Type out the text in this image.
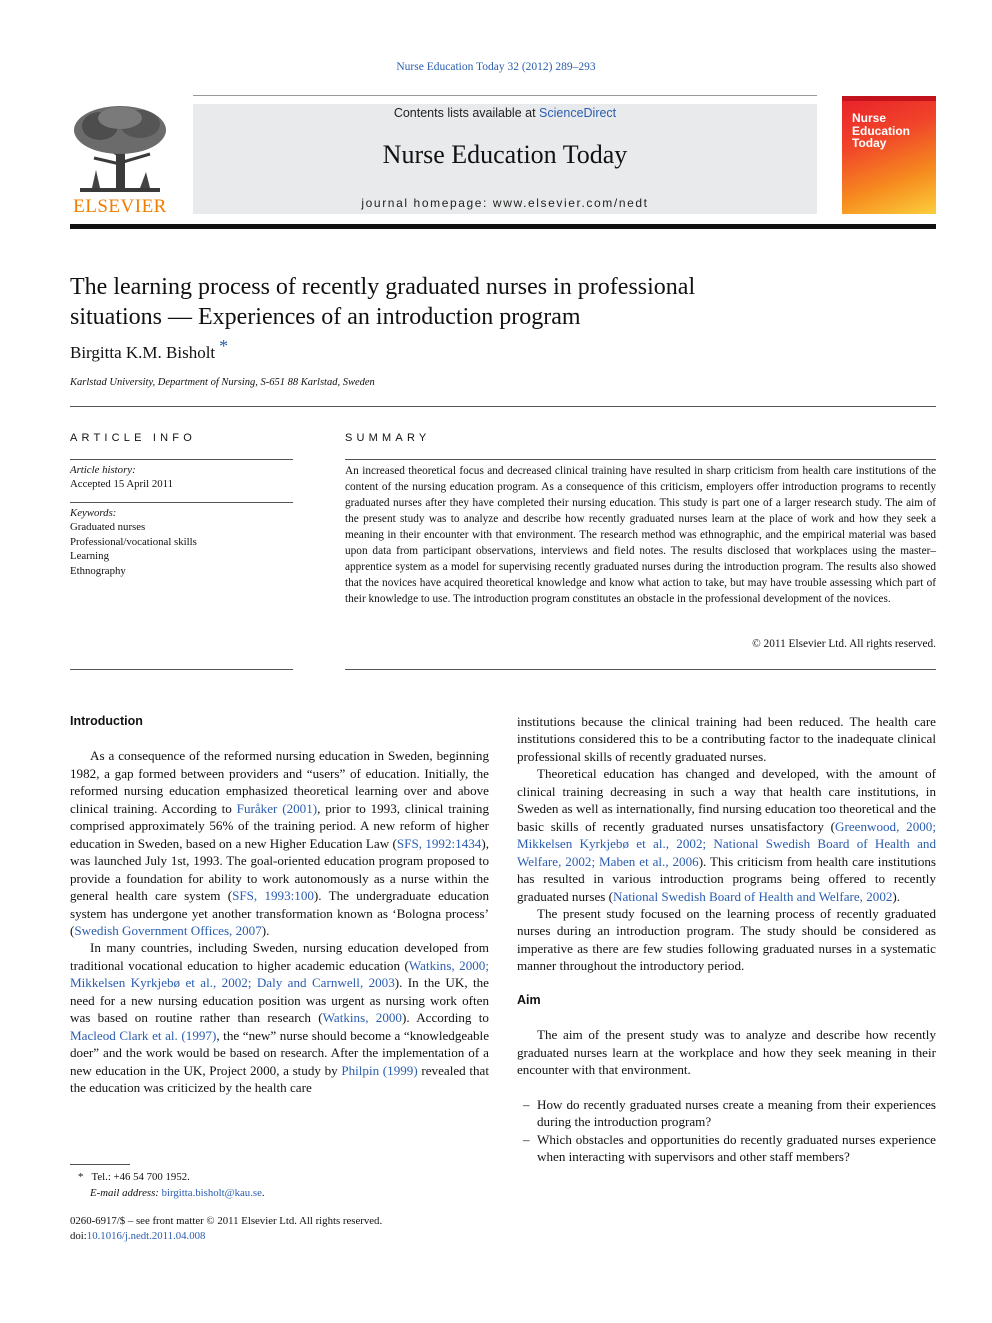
Nurse Education Today 32 (2012) 289–293
ELSEVIER
Contents lists available at ScienceDirect
Nurse Education Today
journal homepage: www.elsevier.com/nedt
Nurse
Education
Today
The learning process of recently graduated nurses in professional
situations — Experiences of an introduction program
Birgitta K.M. Bisholt *
Karlstad University, Department of Nursing, S-651 88 Karlstad, Sweden
ARTICLE INFO
Article history:
Accepted 15 April 2011
Keywords:
Graduated nurses
Professional/vocational skills
Learning
Ethnography
SUMMARY
An increased theoretical focus and decreased clinical training have resulted in sharp criticism from health care institutions of the content of the nursing education program. As a consequence of this criticism, employers offer introduction programs to recently graduated nurses after they have completed their nursing education. This study is part one of a larger research study. The aim of the present study was to analyze and describe how recently graduated nurses learn at the place of work and how they seek a meaning in their encounter with that environment. The research method was ethnographic, and the empirical material was based upon data from participant observations, interviews and field notes. The results disclosed that workplaces using the master–apprentice system as a model for supervising recently graduated nurses during the introduction program. The results also showed that the novices have acquired theoretical knowledge and know what action to take, but may have trouble assessing which part of their knowledge to use. The introduction program constitutes an obstacle in the professional development of the novices.
© 2011 Elsevier Ltd. All rights reserved.
Introduction

As a consequence of the reformed nursing education in Sweden, beginning 1982, a gap formed between providers and “users” of education. Initially, the reformed nursing education emphasized theoretical learning over and above clinical training. According to Furåker (2001), prior to 1993, clinical training comprised approximately 56% of the training period. A new reform of higher education in Sweden, based on a new Higher Education Law (SFS, 1992:1434), was launched July 1st, 1993. The goal-oriented education program proposed to provide a foundation for ability to work autonomously as a nurse within the general health care system (SFS, 1993:100). The undergraduate education system has undergone yet another transformation known as ‘Bologna process’ (Swedish Government Offices, 2007).

In many countries, including Sweden, nursing education developed from traditional vocational education to higher academic education (Watkins, 2000; Mikkelsen Kyrkjebø et al., 2002; Daly and Carnwell, 2003). In the UK, the need for a new nursing education position was urgent as nursing work often was based on routine rather than research (Watkins, 2000). According to Macleod Clark et al. (1997), the “new” nurse should become a “knowledgeable doer” and the work would be based on research. After the implementation of a new education in the UK, Project 2000, a study by Philpin (1999) revealed that the education was criticized by the health care

institutions because the clinical training had been reduced. The health care institutions considered this to be a contributing factor to the inadequate clinical professional skills of recently graduated nurses.

Theoretical education has changed and developed, with the amount of clinical training decreasing in such a way that health care institutions, in Sweden as well as internationally, find nursing education too theoretical and the basic skills of recently graduated nurses unsatisfactory (Greenwood, 2000; Mikkelsen Kyrkjebø et al., 2002; National Swedish Board of Health and Welfare, 2002; Maben et al., 2006). This criticism from health care institutions has resulted in various introduction programs being offered to recently graduated nurses (National Swedish Board of Health and Welfare, 2002).

The present study focused on the learning process of recently graduated nurses during an introduction program. The study should be considered as imperative as there are few studies following graduated nurses in a systematic manner throughout the introductory period.

Aim

The aim of the present study was to analyze and describe how recently graduated nurses learn at the workplace and how they seek meaning in their encounter with that environment.

– How do recently graduated nurses create a meaning from their experiences during the introduction program?
– Which obstacles and opportunities do recently graduated nurses experience when interacting with supervisors and other staff members?
* Tel.: +46 54 700 1952.
E-mail address: birgitta.bisholt@kau.se.
0260-6917/$ – see front matter © 2011 Elsevier Ltd. All rights reserved.
doi:10.1016/j.nedt.2011.04.008
